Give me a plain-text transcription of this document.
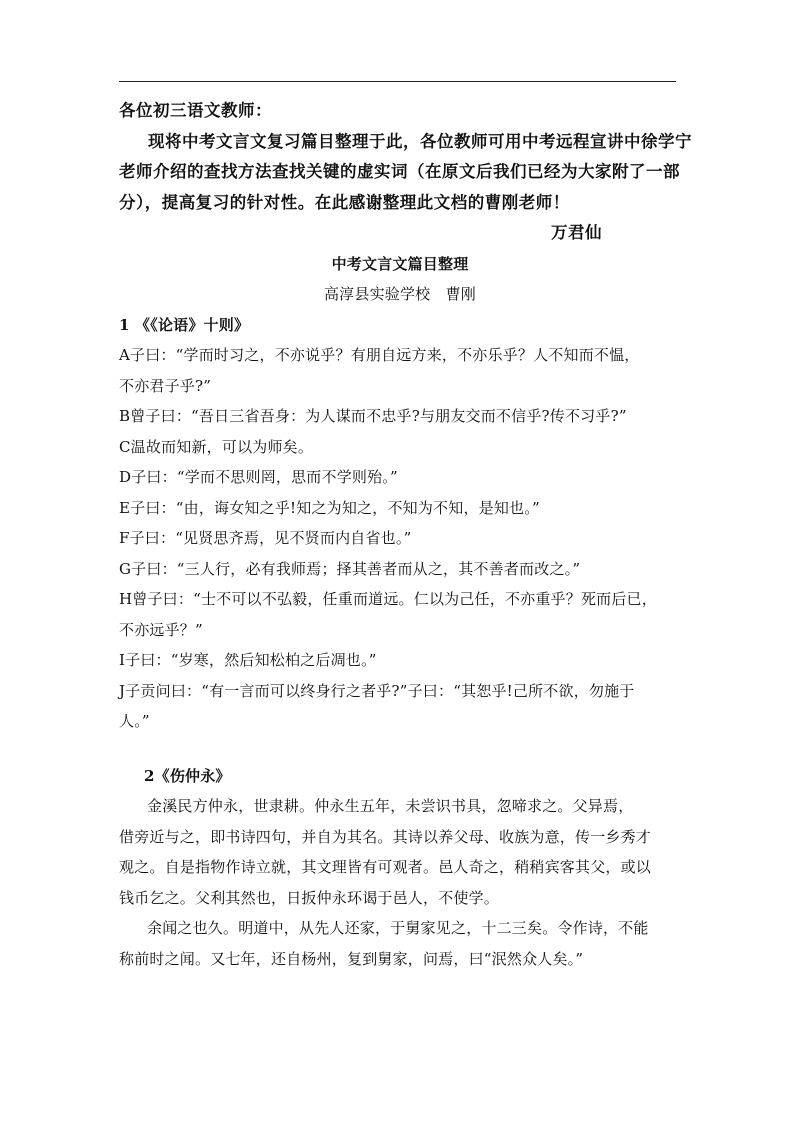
各位初三语文教师：
现将中考文言文复习篇目整理于此，各位教师可用中考远程宣讲中徐学宁
老师介绍的查找方法查找关键的虚实词（在原文后我们已经为大家附了一部
分），提高复习的针对性。在此感谢整理此文档的曹刚老师！
万君仙
中考文言文篇目整理
高淳县实验学校　曹刚
1 《《论语》十则》
A子曰：“学而时习之，不亦说乎？有朋自远方来，不亦乐乎？人不知而不愠，
不亦君子乎?”
B曾子曰：“吾日三省吾身：为人谋而不忠乎?与朋友交而不信乎?传不习乎?”
C温故而知新，可以为师矣。
D子曰：“学而不思则罔，思而不学则殆。”
E子曰：“由，诲女知之乎!知之为知之，不知为不知，是知也。”
F子曰：“见贤思齐焉，见不贤而内自省也。”
G子曰：“三人行，必有我师焉；择其善者而从之，其不善者而改之。”
H曾子曰：“士不可以不弘毅，任重而道远。仁以为己任，不亦重乎？死而后已，
不亦远乎？”
I子曰：“岁寒，然后知松柏之后凋也。”
J子贡问曰：“有一言而可以终身行之者乎?”子曰：“其恕乎!己所不欲，勿施于
人。”
2《伤仲永》
金溪民方仲永，世隶耕。仲永生五年，未尝识书具，忽啼求之。父异焉，
借旁近与之，即书诗四句，并自为其名。其诗以养父母、收族为意，传一乡秀才
观之。自是指物作诗立就，其文理皆有可观者。邑人奇之，稍稍宾客其父，或以
钱币乞之。父利其然也，日扳仲永环谒于邑人，不使学。
余闻之也久。明道中，从先人还家，于舅家见之，十二三矣。令作诗，不能
称前时之闻。又七年，还自杨州，复到舅家，问焉，曰“泯然众人矣。”
